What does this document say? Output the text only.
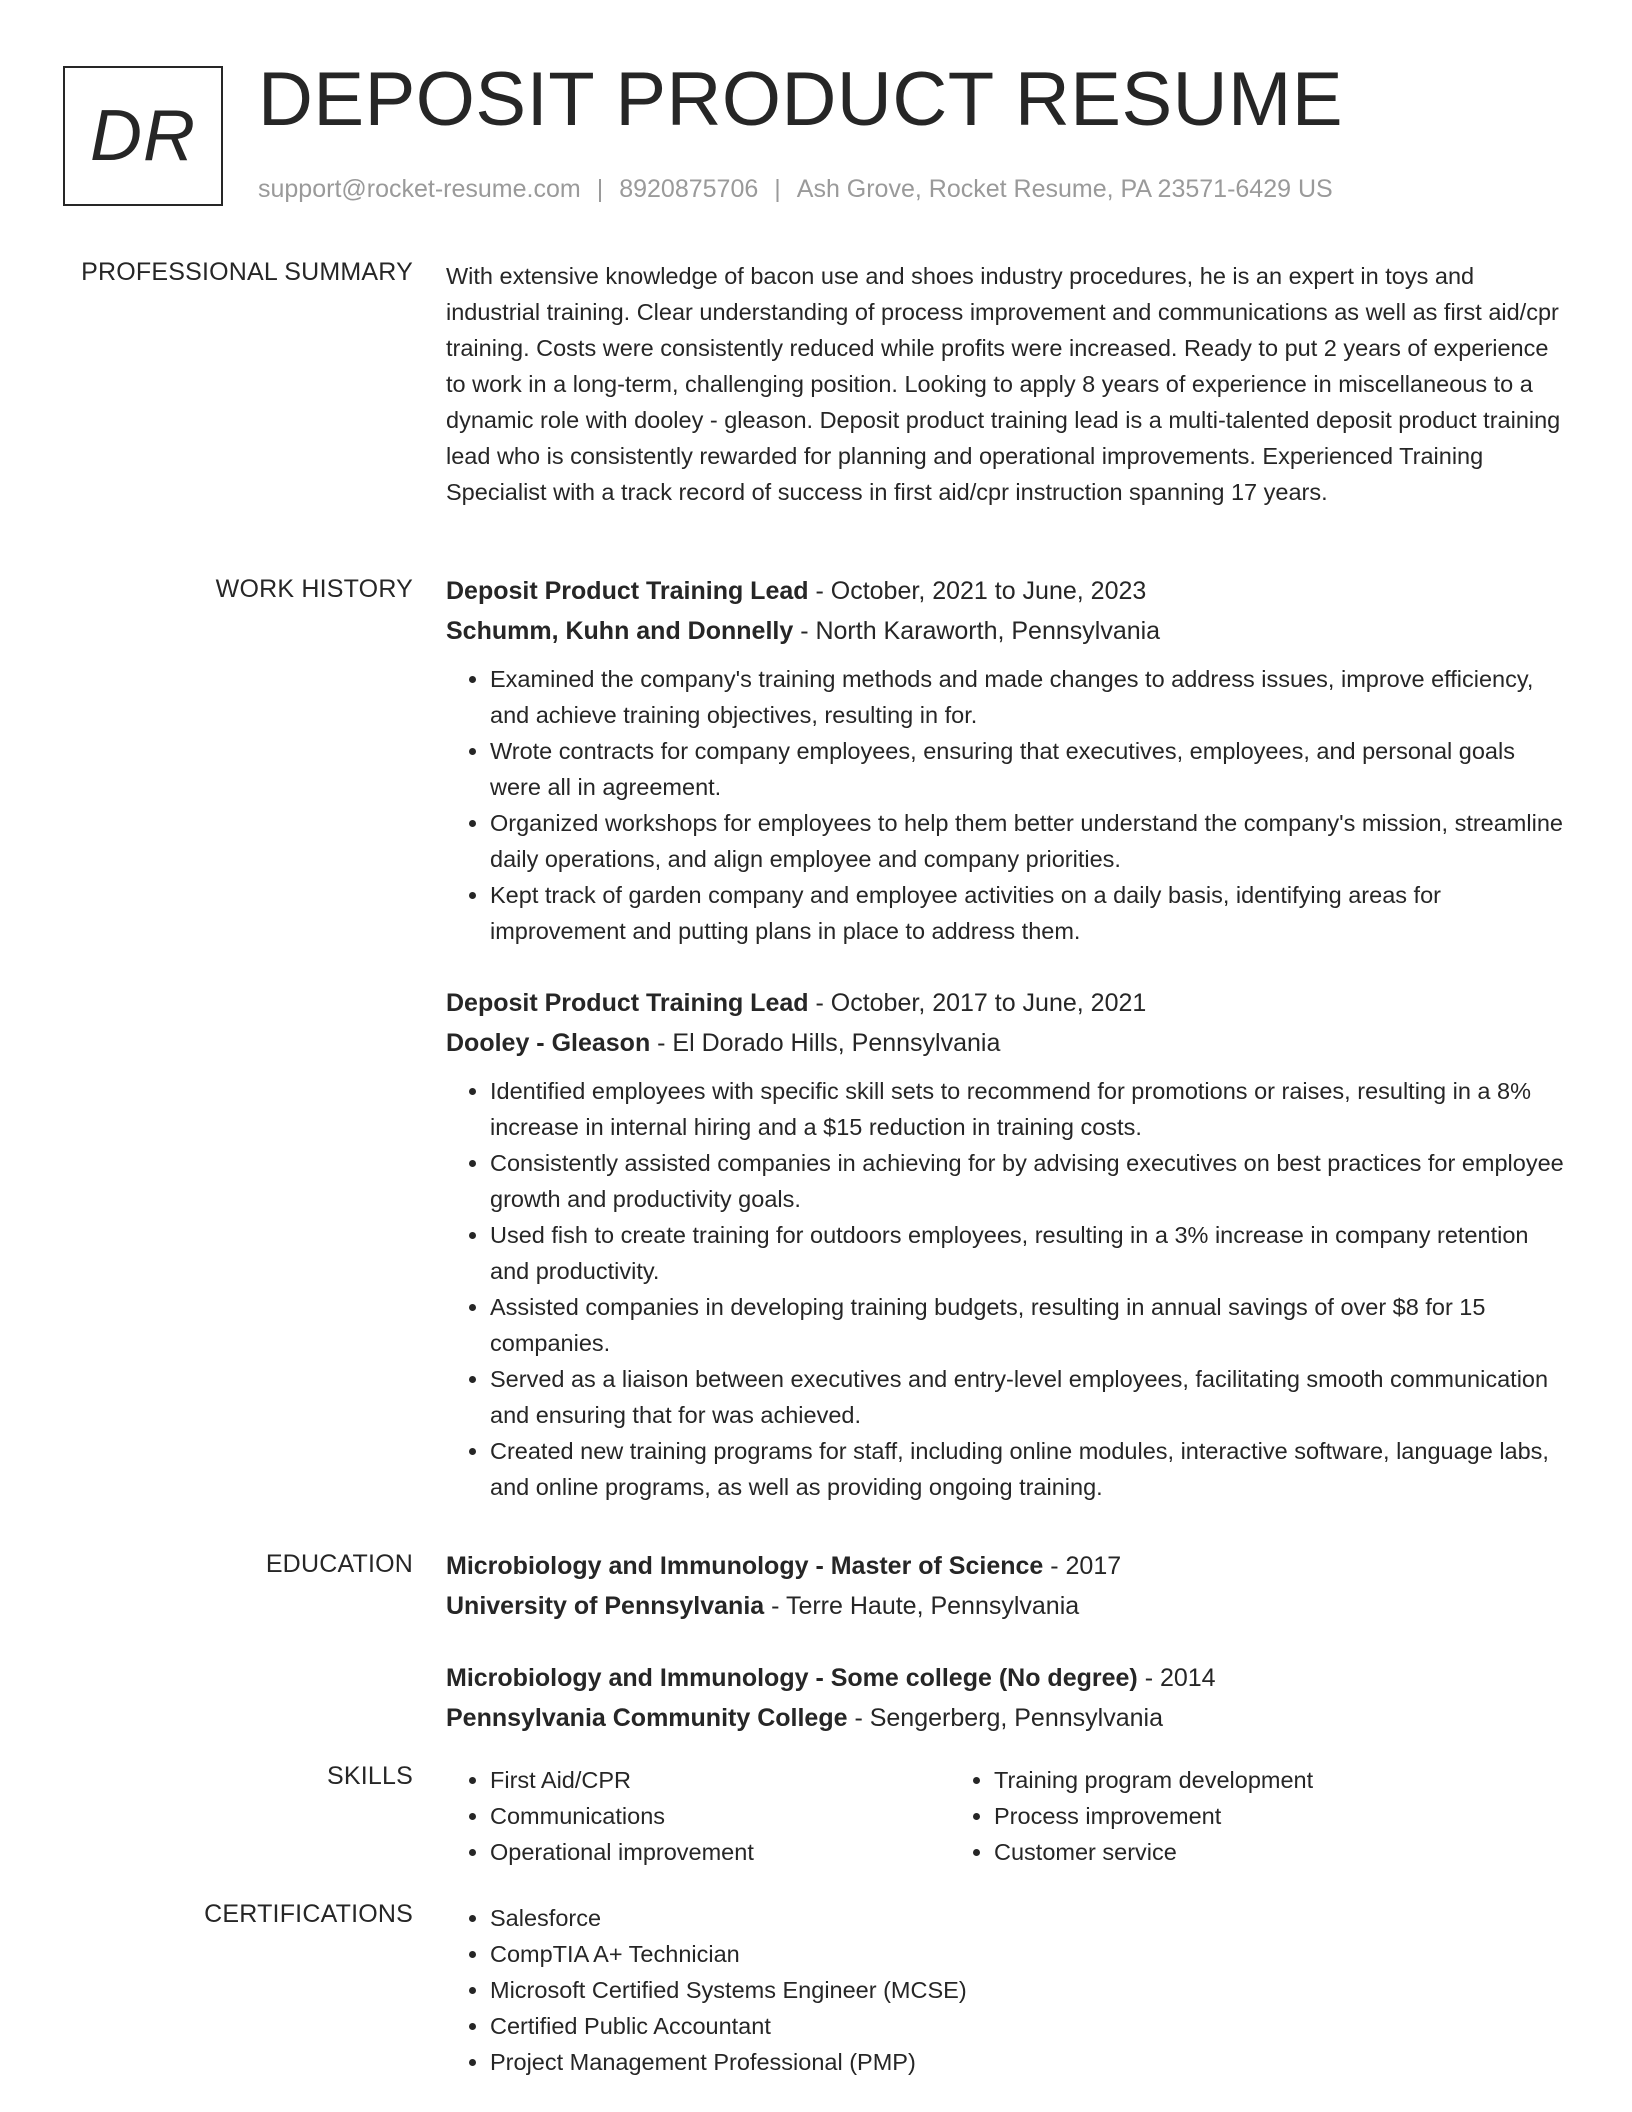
DR DEPOSIT PRODUCT RESUME
support@rocket-resume.com | 8920875706 | Ash Grove, Rocket Resume, PA 23571-6429 US
PROFESSIONAL SUMMARY With extensive knowledge of bacon use and shoes industry procedures, he is an expert in toys and industrial training. Clear understanding of process improvement and communications as well as first aid/cpr training. Costs were consistently reduced while profits were increased. Ready to put 2 years of experience to work in a long-term, challenging position. Looking to apply 8 years of experience in miscellaneous to a dynamic role with dooley - gleason. Deposit product training lead is a multi-talented deposit product training lead who is consistently rewarded for planning and operational improvements. Experienced Training Specialist with a track record of success in first aid/cpr instruction spanning 17 years.

WORK HISTORY Deposit Product Training Lead - October, 2021 to June, 2023
Schumm, Kuhn and Donnelly - North Karaworth, Pennsylvania
• Examined the company's training methods and made changes to address issues, improve efficiency, and achieve training objectives, resulting in for.
• Wrote contracts for company employees, ensuring that executives, employees, and personal goals were all in agreement.
• Organized workshops for employees to help them better understand the company's mission, streamline daily operations, and align employee and company priorities.
• Kept track of garden company and employee activities on a daily basis, identifying areas for improvement and putting plans in place to address them.
Deposit Product Training Lead - October, 2017 to June, 2021
Dooley - Gleason - El Dorado Hills, Pennsylvania
• Identified employees with specific skill sets to recommend for promotions or raises, resulting in a 8% increase in internal hiring and a $15 reduction in training costs.
• Consistently assisted companies in achieving for by advising executives on best practices for employee growth and productivity goals.
• Used fish to create training for outdoors employees, resulting in a 3% increase in company retention and productivity.
• Assisted companies in developing training budgets, resulting in annual savings of over $8 for 15 companies.
• Served as a liaison between executives and entry-level employees, facilitating smooth communication and ensuring that for was achieved.
• Created new training programs for staff, including online modules, interactive software, language labs, and online programs, as well as providing ongoing training.
EDUCATION Microbiology and Immunology - Master of Science - 2017
University of Pennsylvania - Terre Haute, Pennsylvania
Microbiology and Immunology - Some college (No degree) - 2014
Pennsylvania Community College - Sengerberg, Pennsylvania
SKILLS	• First Aid/CPR
• Communications
• Operational improvement
• Training program development
• Process improvement
• Customer service
CERTIFICATIONS	• Salesforce
• CompTIA A+ Technician
• Microsoft Certified Systems Engineer (MCSE)
• Certified Public Accountant
• Project Management Professional (PMP)
